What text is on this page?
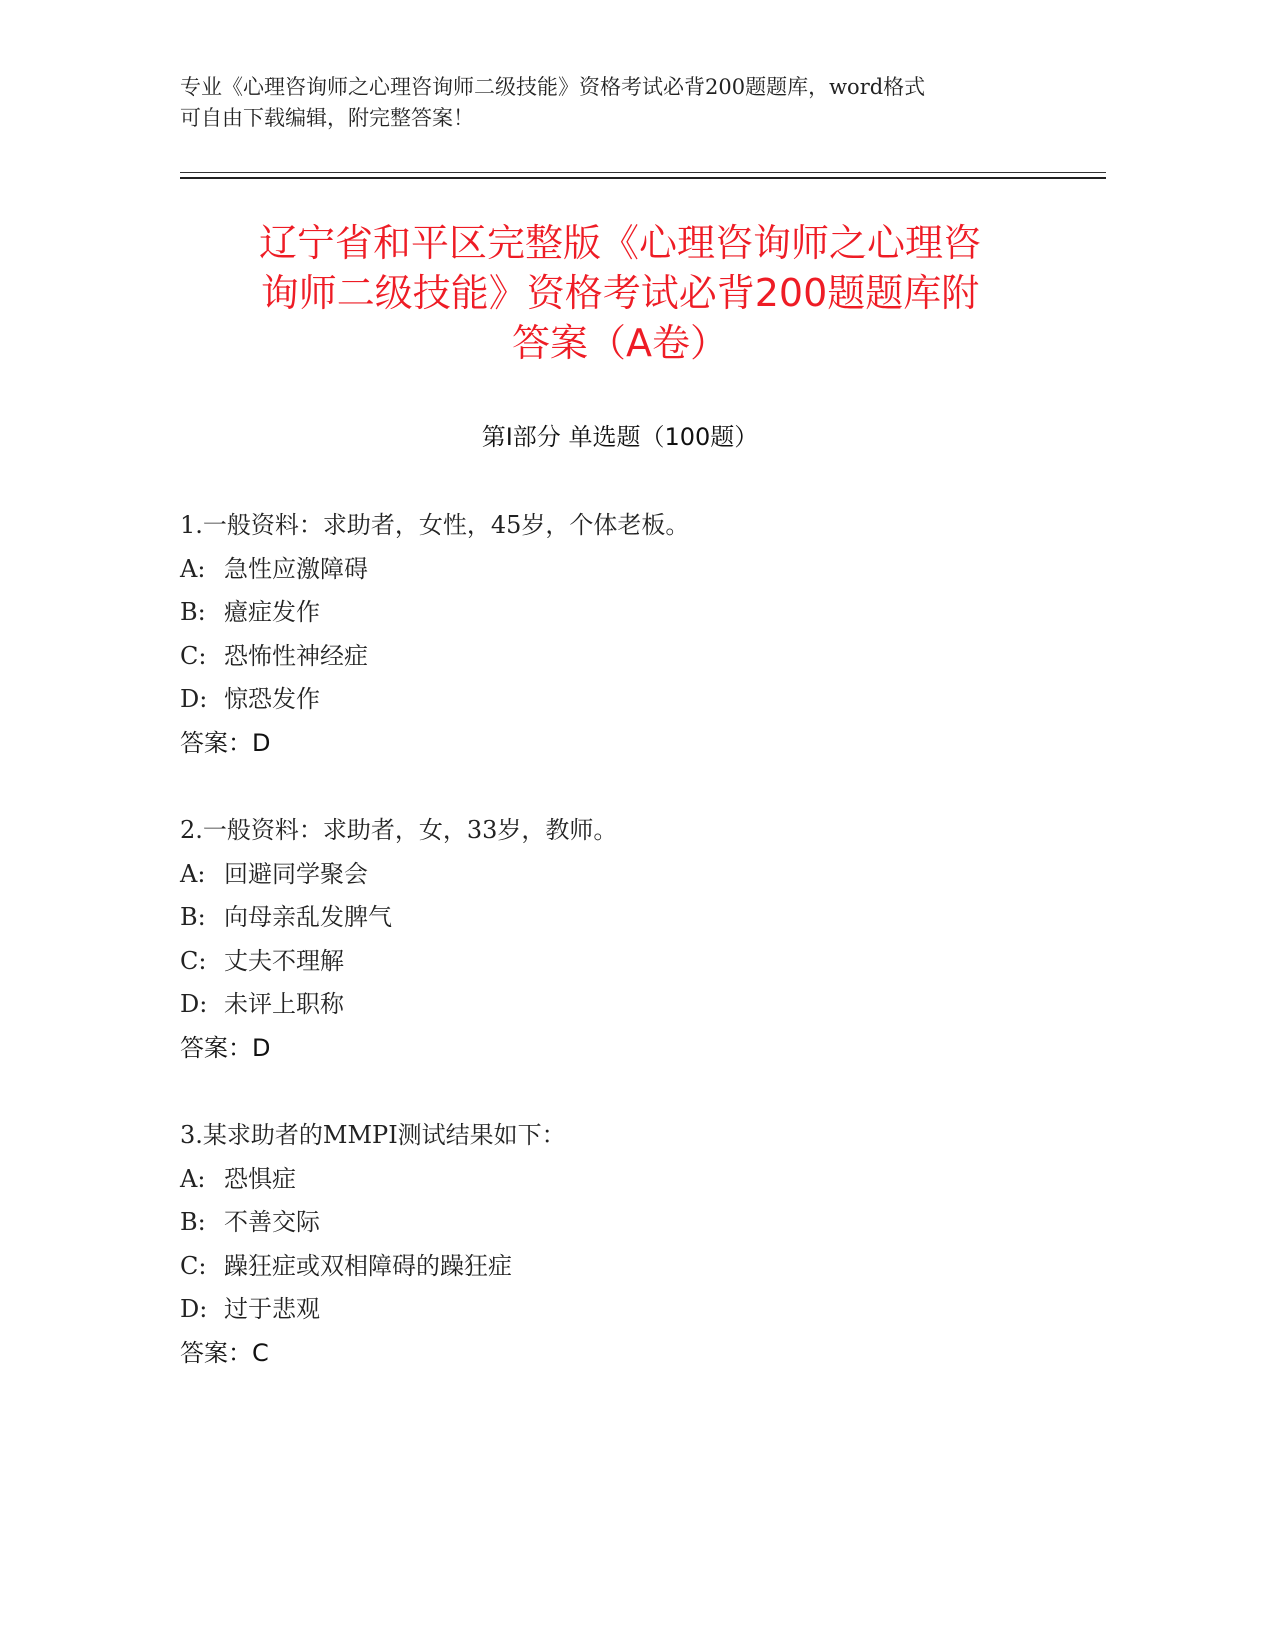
专业《心理咨询师之心理咨询师二级技能》资格考试必背200题题库，word格式
可自由下载编辑，附完整答案！
辽宁省和平区完整版《心理咨询师之心理咨
询师二级技能》资格考试必背200题题库附
答案（A卷）
第Ⅰ部分 单选题（100题）
1.一般资料：求助者，女性，45岁，个体老板。
A: 急性应激障碍
B: 癔症发作
C: 恐怖性神经症
D: 惊恐发作
答案：D
2.一般资料：求助者，女，33岁，教师。
A: 回避同学聚会
B: 向母亲乱发脾气
C: 丈夫不理解
D: 未评上职称
答案：D
3.某求助者的MMPI测试结果如下：
A: 恐惧症
B: 不善交际
C: 躁狂症或双相障碍的躁狂症
D: 过于悲观
答案：C
